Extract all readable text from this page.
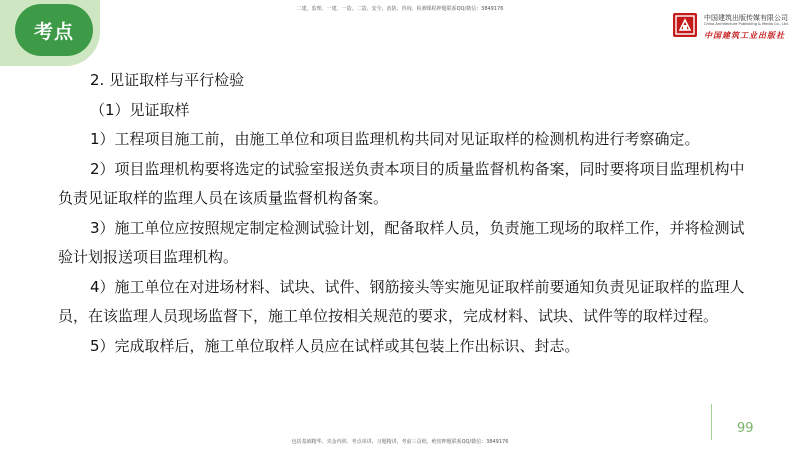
考点
二建、监理、一建、一造、二造、安全、消防、咨询、检测课程押题联系QQ/微信：3849176
中国建筑出版传媒有限公司
China Architecture Publishing & Media Co., Ltd.
中国建筑工业出版社

2. 见证取样与平行检验

（1）见证取样

1）工程项目施工前，由施工单位和项目监理机构共同对见证取样的检测机构进行考察确定。

2）项目监理机构要将选定的试验室报送负责本项目的质量监督机构备案，同时要将项目监理机构中负责见证取样的监理人员在该质量监督机构备案。

3）施工单位应按照规定制定检测试验计划，配备取样人员，负责施工现场的取样工作，并将检测试验计划报送项目监理机构。

4）施工单位在对进场材料、试块、试件、钢筋接头等实施见证取样前要通知负责见证取样的监理人员，在该监理人员现场监督下，施工单位按相关规范的要求，完成材料、试块、试件等的取样过程。

5）完成取样后，施工单位取样人员应在试样或其包装上作出标识、封志。

99
包括基础精华、夹金内训、考点串讲、习题精讲、考前三页纸、绝密押题联系QQ/微信：3849176
